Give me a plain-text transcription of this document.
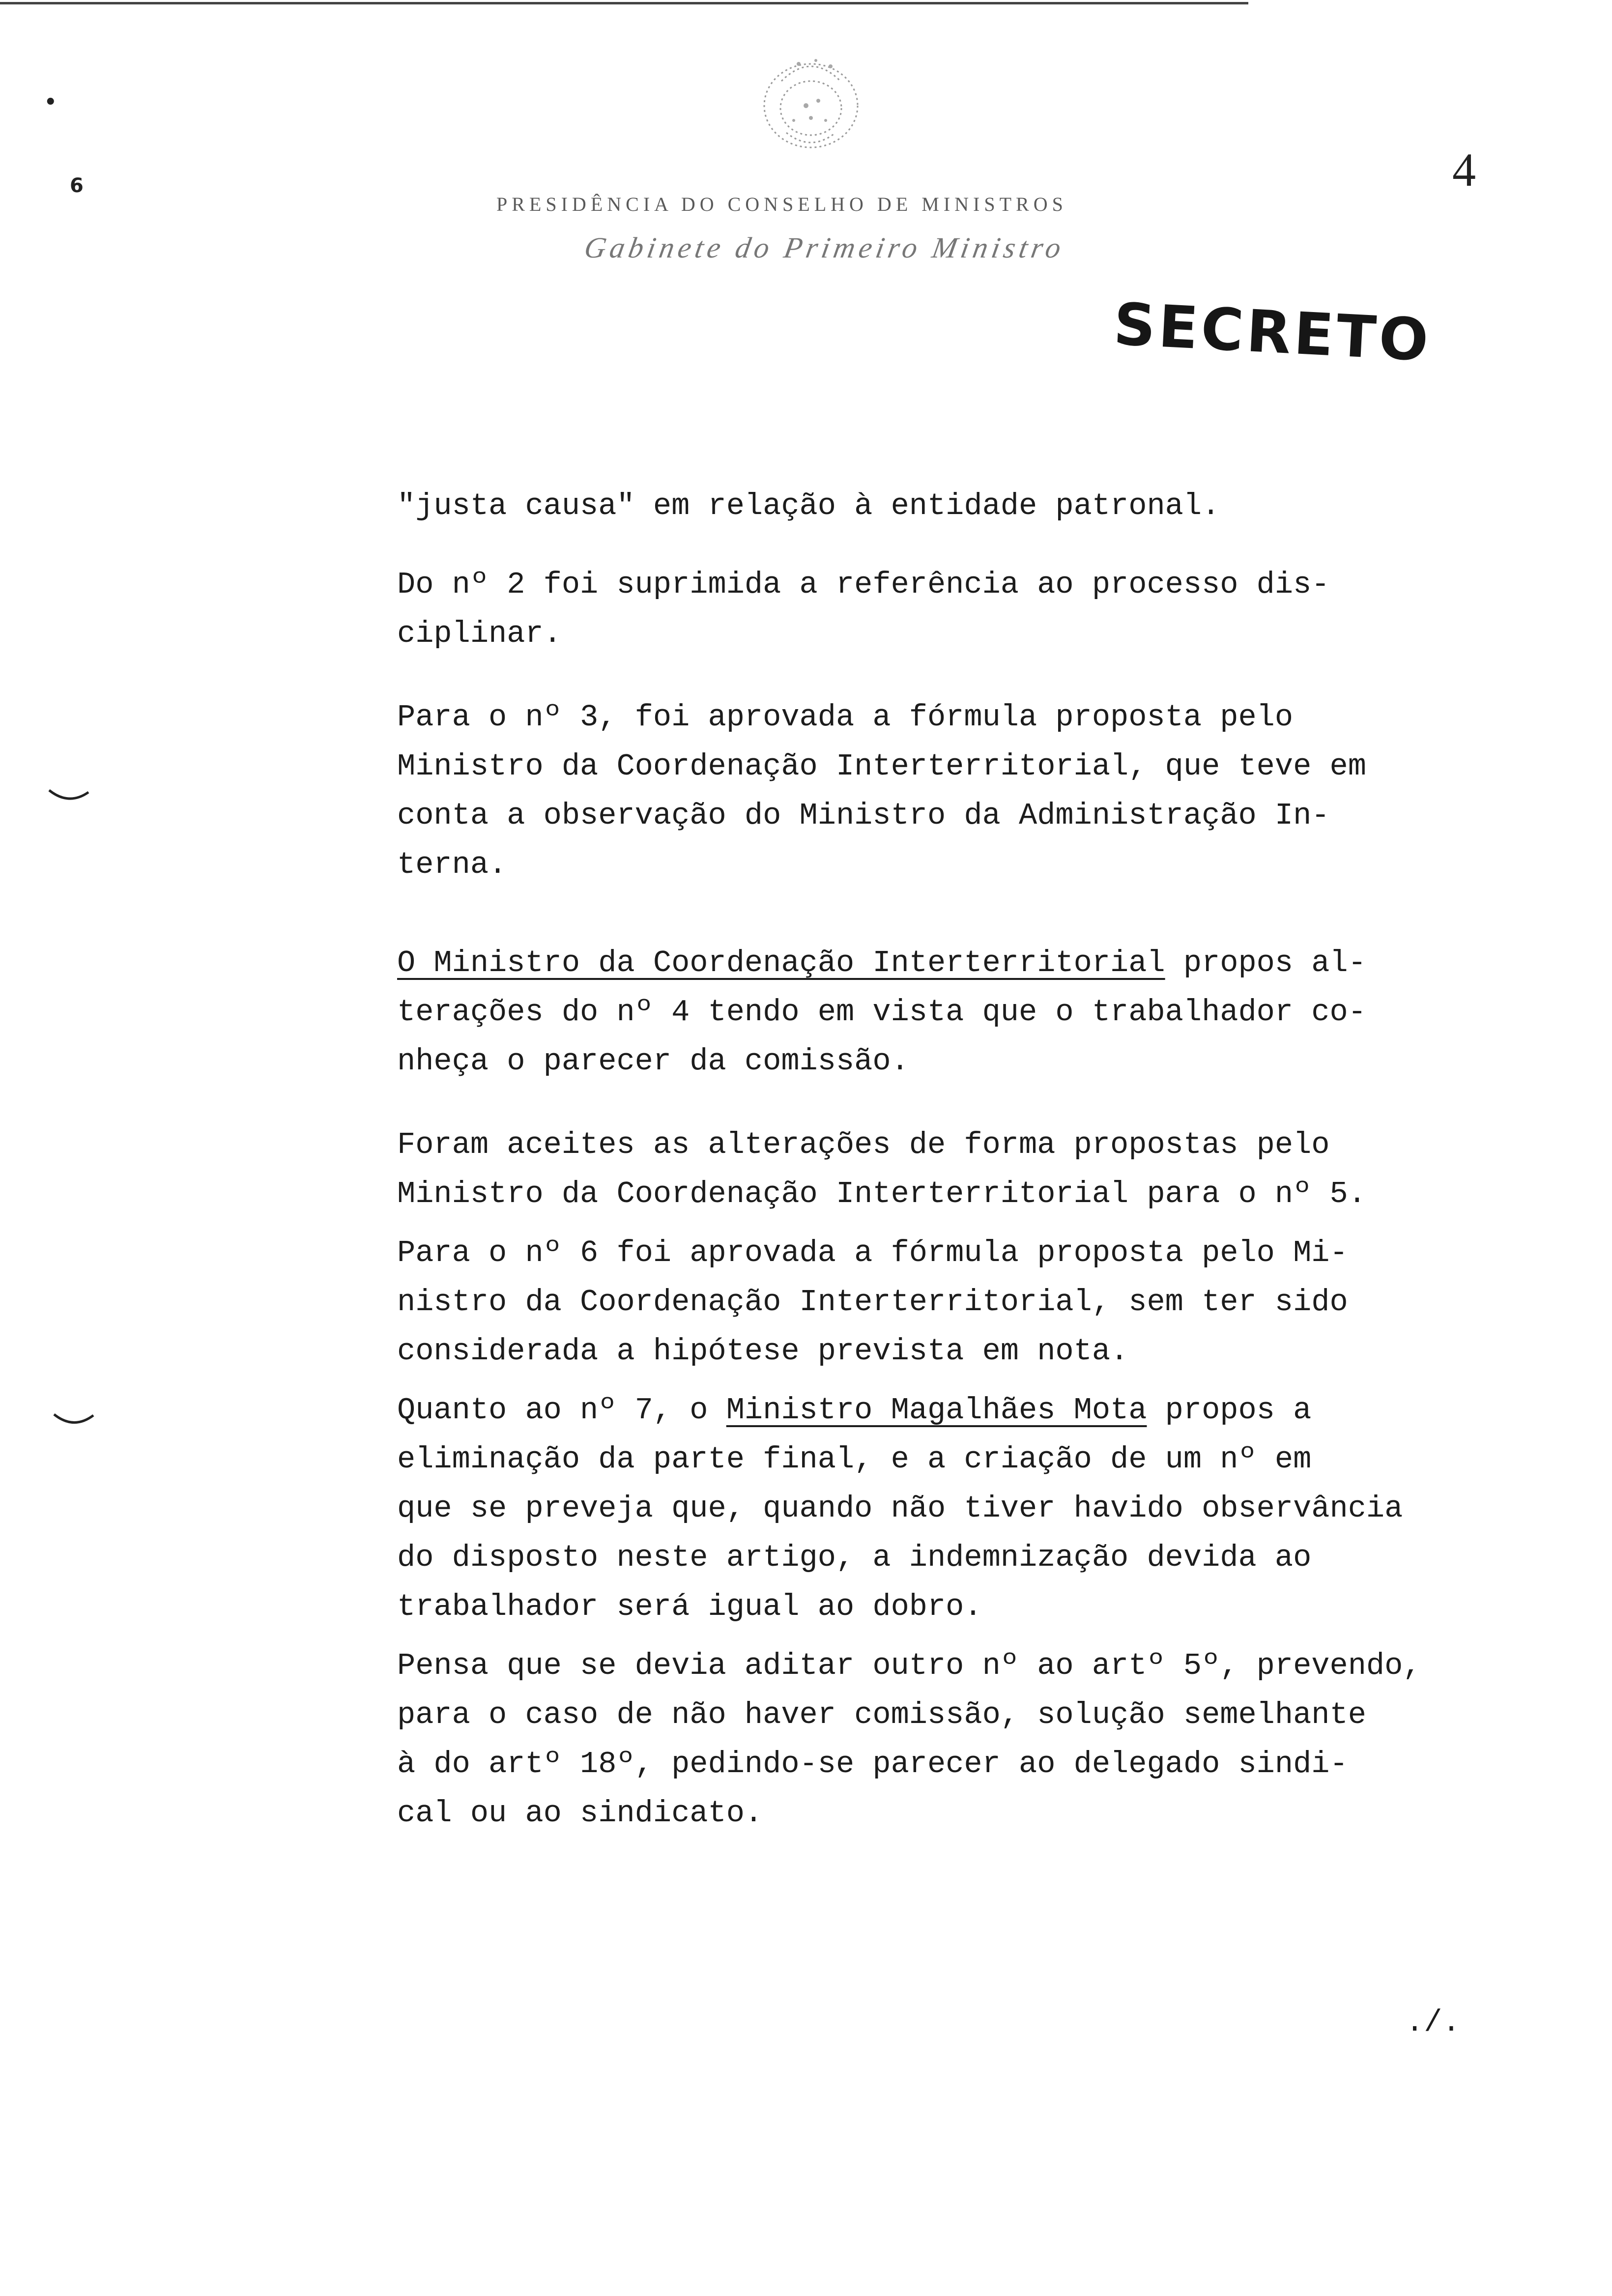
4
PRESIDÊNCIA DO CONSELHO DE MINISTROS
Gabinete do Primeiro Ministro
SECRETO
•
6

"justa causa" em relação à entidade patronal.

Do nº 2 foi suprimida a referência ao processo dis-
ciplinar.

Para o nº 3, foi aprovada a fórmula proposta pelo
Ministro da Coordenação Interterritorial, que teve em
conta a observação do Ministro da Administração In-
terna.

O Ministro da Coordenação Interterritorial propos al-
terações do nº 4 tendo em vista que o trabalhador co-
nheça o parecer da comissão.

Foram aceites as alterações de forma propostas pelo
Ministro da Coordenação Interterritorial para o nº 5.

Para o nº 6 foi aprovada a fórmula proposta pelo Mi-
nistro da Coordenação Interterritorial, sem ter sido
considerada a hipótese prevista em nota.

Quanto ao nº 7, o Ministro Magalhães Mota propos a
eliminação da parte final, e a criação de um nº em
que se preveja que, quando não tiver havido observância
do disposto neste artigo, a indemnização devida ao
trabalhador será igual ao dobro.

Pensa que se devia aditar outro nº ao artº 5º, prevendo,
para o caso de não haver comissão, solução semelhante
à do artº 18º, pedindo-se parecer ao delegado sindi-
cal ou ao sindicato.

./.
